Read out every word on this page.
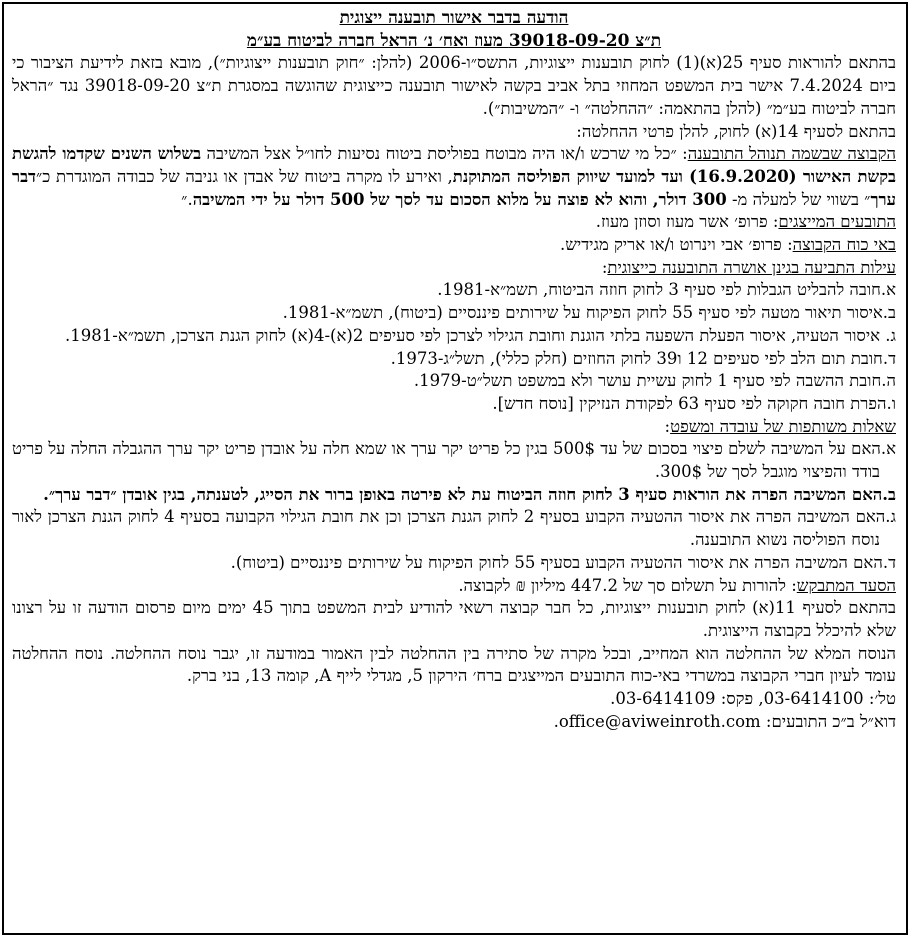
הודעה בדבר אישור תובענה ייצוגית
ת״צ 39018-09-20 מעוז ואח׳ נ׳ הראל חברה לביטוח בע״מ

בהתאם להוראות סעיף 25(א)(1) לחוק תובענות ייצוגיות, התשס״ו-2006 (להלן: ״חוק תובענות ייצוגיות״), מובא בזאת לידיעת הציבור כי ביום 7.4.2024 אישר בית המשפט המחוזי בתל אביב בקשה לאישור תובענה כייצוגית שהוגשה במסגרת ת״צ 39018-09-20 נגד ״הראל חברה לביטוח בע״מ״ (להלן בהתאמה: ״ההחלטה״ ו- ״המשיבות״).

בהתאם לסעיף 14(א) לחוק, להלן פרטי ההחלטה:

הקבוצה שבשמה תנוהל התובענה: ״כל מי שרכש ו/או היה מבוטח בפוליסת ביטוח נסיעות לחו״ל אצל המשיבה בשלוש השנים שקדמו להגשת בקשת האישור (16.9.2020) ועד למועד שיווק הפוליסה המתוקנת, ואירע לו מקרה ביטוח של אבדן או גניבה של כבודה המוגדרת כ״דבר ערך״ בשווי של למעלה מ- 300 דולר, והוא לא פוצה על מלוא הסכום עד לסך של 500 דולר על ידי המשיבה.״

התובעים המייצגים: פרופ׳ אשר מעוז וסוזן מעוז.

באי כוח הקבוצה: פרופ׳ אבי וינרוט ו/או אריק מגידיש.

עילות התביעה בגינן אושרה התובענה כייצוגית:

א.חובה להבליט הגבלות לפי סעיף 3 לחוק חוזה הביטוח, תשמ״א-1981.

ב.איסור תיאור מטעה לפי סעיף 55 לחוק הפיקוח על שירותים פיננסיים (ביטוח), תשמ״א-1981.

ג. איסור הטעיה, איסור הפעלת השפעה בלתי הוגנת וחובת הגילוי לצרכן לפי סעיפים 2(א)-4(א) לחוק הגנת הצרכן, תשמ״א-1981.

ד.חובת תום הלב לפי סעיפים 12 ו39 לחוק החוזים (חלק כללי), תשל״ג-1973.

ה.חובת ההשבה לפי סעיף 1 לחוק עשיית עושר ולא במשפט תשל״ט-1979.

ו.הפרת חובה חקוקה לפי סעיף 63 לפקודת הנזיקין [נוסח חדש].

שאלות משותפות של עובדה ומשפט:

א.האם על המשיבה לשלם פיצוי בסכום של עד 500$ בגין כל פריט יקר ערך או שמא חלה על אובדן פריט יקר ערך ההגבלה החלה על פריט בודד והפיצוי מוגבל לסך של 300$.

ב.האם המשיבה הפרה את הוראות סעיף 3 לחוק חוזה הביטוח עת לא פירטה באופן ברור את הסייג, לטענתה, בגין אובדן ״דבר ערך״.

ג.האם המשיבה הפרה את איסור ההטעיה הקבוע בסעיף 2 לחוק הגנת הצרכן וכן את חובת הגילוי הקבועה בסעיף 4 לחוק הגנת הצרכן לאור נוסח הפוליסה נשוא התובענה.

ד.האם המשיבה הפרה את איסור ההטעיה הקבוע בסעיף 55 לחוק הפיקוח על שירותים פיננסיים (ביטוח).

הסעד המתבקש: להורות על תשלום סך של 447.2 מיליון ₪ לקבוצה.

בהתאם לסעיף 11(א) לחוק תובענות ייצוגיות, כל חבר קבוצה רשאי להודיע לבית המשפט בתוך 45 ימים מיום פרסום הודעה זו על רצונו שלא להיכלל בקבוצה הייצוגית.

הנוסח המלא של ההחלטה הוא המחייב, ובכל מקרה של סתירה בין ההחלטה לבין האמור במודעה זו, יגבר נוסח ההחלטה. נוסח ההחלטה עומד לעיון חברי הקבוצה במשרדי באי-כוח התובעים המייצגים ברח׳ הירקון 5, מגדלי לייף A, קומה 13, בני ברק.

טל׳: 03-6414100, פקס: 03-6414109.

דוא״ל ב״כ התובעים: office@aviweinroth.com.
